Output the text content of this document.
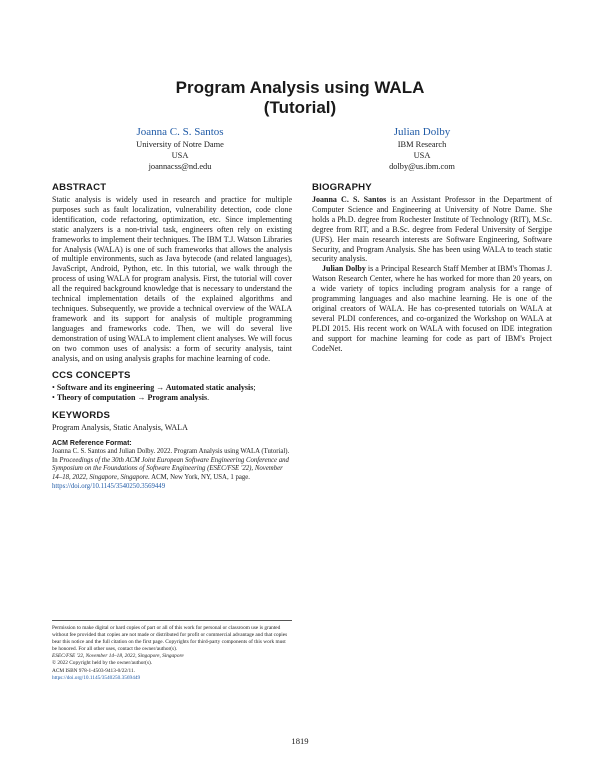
Program Analysis using WALA
(Tutorial)
Joanna C. S. Santos
University of Notre Dame
USA
joannacss@nd.edu
Julian Dolby
IBM Research
USA
dolby@us.ibm.com
ABSTRACT

Static analysis is widely used in research and practice for multiple purposes such as fault localization, vulnerability detection, code clone identification, code refactoring, optimization, etc. Since implementing static analyzers is a non-trivial task, engineers often rely on existing frameworks to implement their techniques. The IBM T.J. Watson Libraries for Analysis (WALA) is one of such frameworks that allows the analysis of multiple environments, such as Java bytecode (and related languages), JavaScript, Android, Python, etc. In this tutorial, we walk through the process of using WALA for program analysis. First, the tutorial will cover all the required background knowledge that is necessary to understand the technical implementation details of the explained algorithms and techniques. Subsequently, we provide a technical overview of the WALA framework and its support for analysis of multiple programming languages and frameworks code. Then, we will do several live demonstration of using WALA to implement client analyses. We will focus on two common uses of analysis: a form of security analysis, taint analysis, and on using analysis graphs for machine learning of code.

CCS CONCEPTS

• Software and its engineering → Automated static analysis;

• Theory of computation → Program analysis.

KEYWORDS

Program Analysis, Static Analysis, WALA

ACM Reference Format:

Joanna C. S. Santos and Julian Dolby. 2022. Program Analysis using WALA (Tutorial). In Proceedings of the 30th ACM Joint European Software Engineering Conference and Symposium on the Foundations of Software Engineering (ESEC/FSE '22), November 14–18, 2022, Singapore, Singapore. ACM, New York, NY, USA, 1 page. https://doi.org/10.1145/3540250.3569449

BIOGRAPHY

Joanna C. S. Santos is an Assistant Professor in the Department of Computer Science and Engineering at University of Notre Dame. She holds a Ph.D. degree from Rochester Institute of Technology (RIT), M.Sc. degree from RIT, and a B.Sc. degree from Federal University of Sergipe (UFS). Her main research interests are Software Engineering, Software Security, and Program Analysis. She has been using WALA to teach static security analysis.

Julian Dolby is a Principal Research Staff Member at IBM's Thomas J. Watson Research Center, where he has worked for more than 20 years, on a wide variety of topics including program analysis for a range of programming languages and also machine learning. He is one of the original creators of WALA. He has co-presented tutorials on WALA at several PLDI conferences, and co-organized the Workshop on WALA at PLDI 2015. His recent work on WALA with focused on IDE integration and support for machine learning for code as part of IBM's Project CodeNet.

Permission to make digital or hard copies of part or all of this work for personal or classroom use is granted without fee provided that copies are not made or distributed for profit or commercial advantage and that copies bear this notice and the full citation on the first page. Copyrights for third-party components of this work must be honored. For all other uses, contact the owner/author(s).
ESEC/FSE '22, November 14–18, 2022, Singapore, Singapore
© 2022 Copyright held by the owner/author(s).
ACM ISBN 978-1-4503-9413-0/22/11.
https://doi.org/10.1145/3540250.3569449
1819
